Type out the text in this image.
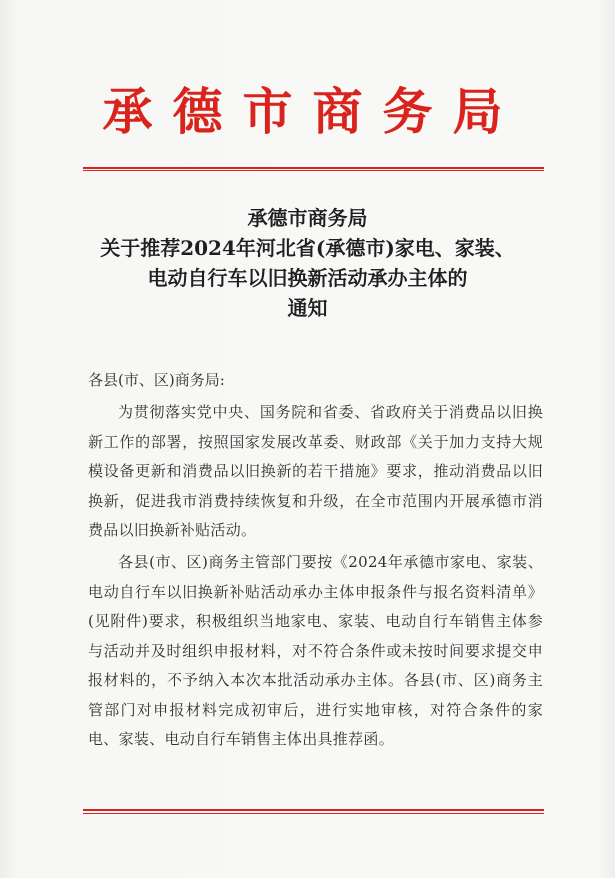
承德市商务局
承德市商务局
关于推荐2024年河北省(承德市)家电、家装、
电动自行车以旧换新活动承办主体的
通知
各县(市、区)商务局:
为贯彻落实党中央、国务院和省委、省政府关于消费品以旧换新工作的部署，按照国家发展改革委、财政部《关于加力支持大规模设备更新和消费品以旧换新的若干措施》要求，推动消费品以旧换新，促进我市消费持续恢复和升级，在全市范围内开展承德市消费品以旧换新补贴活动。
各县(市、区)商务主管部门要按《2024年承德市家电、家装、电动自行车以旧换新补贴活动承办主体申报条件与报名资料清单》(见附件)要求，积极组织当地家电、家装、电动自行车销售主体参与活动并及时组织申报材料，对不符合条件或未按时间要求提交申报材料的，不予纳入本次本批活动承办主体。各县(市、区)商务主管部门对申报材料完成初审后，进行实地审核，对符合条件的家电、家装、电动自行车销售主体出具推荐函。
